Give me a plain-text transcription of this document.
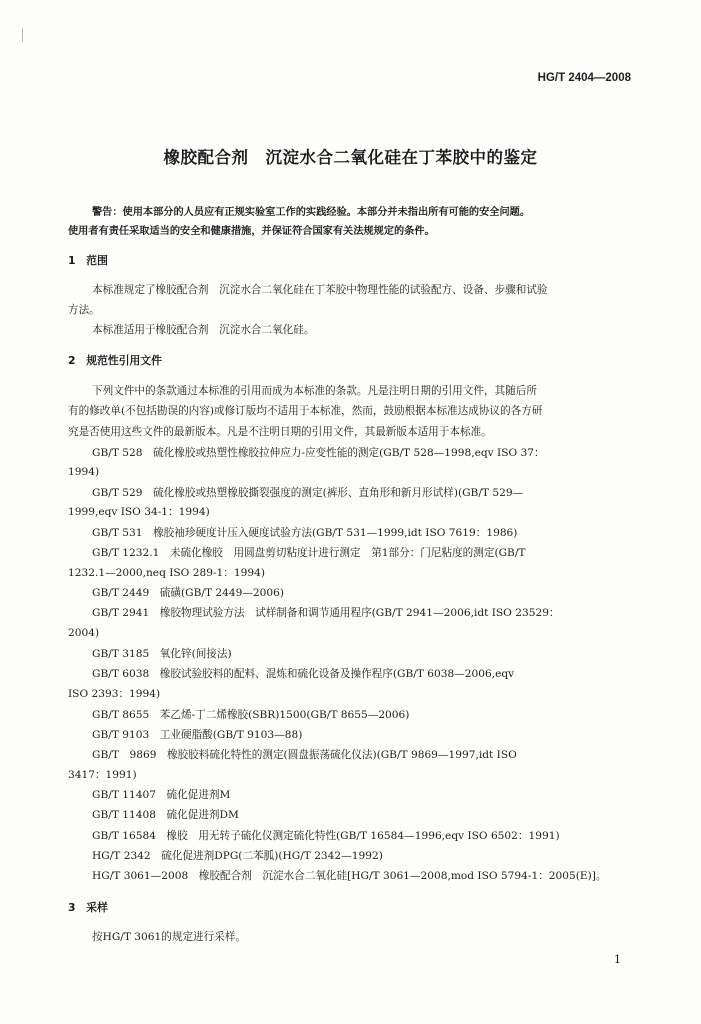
HG/T 2404—2008
橡胶配合剂　沉淀水合二氧化硅在丁苯胶中的鉴定
警告：使用本部分的人员应有正规实验室工作的实践经验。本部分并未指出所有可能的安全问题。
使用者有责任采取适当的安全和健康措施，并保证符合国家有关法规规定的条件。
1　范围
本标准规定了橡胶配合剂　沉淀水合二氧化硅在丁苯胶中物理性能的试验配方、设备、步骤和试验
方法。
本标准适用于橡胶配合剂　沉淀水合二氧化硅。
2　规范性引用文件
下列文件中的条款通过本标准的引用而成为本标准的条款。凡是注明日期的引用文件，其随后所
有的修改单(不包括勘误的内容)或修订版均不适用于本标准，然而，鼓励根据本标准达成协议的各方研
究是否使用这些文件的最新版本。凡是不注明日期的引用文件，其最新版本适用于本标准。
GB/T 528　硫化橡胶或热塑性橡胶拉伸应力-应变性能的测定(GB/T 528—1998,eqv ISO 37：
1994)
GB/T 529　硫化橡胶或热塑橡胶撕裂强度的测定(裤形、直角形和新月形试样)(GB/T 529—
1999,eqv ISO 34-1：1994)
GB/T 531　橡胶袖珍硬度计压入硬度试验方法(GB/T 531—1999,idt ISO 7619：1986)
GB/T 1232.1　未硫化橡胶　用圆盘剪切粘度计进行测定　第1部分：门尼粘度的测定(GB/T
1232.1—2000,neq ISO 289-1：1994)
GB/T 2449　硫磺(GB/T 2449—2006)
GB/T 2941　橡胶物理试验方法　试样制备和调节通用程序(GB/T 2941—2006,idt ISO 23529：
2004)
GB/T 3185　氧化锌(间接法)
GB/T 6038　橡胶试验胶料的配料、混炼和硫化设备及操作程序(GB/T 6038—2006,eqv
ISO 2393：1994)
GB/T 8655　苯乙烯-丁二烯橡胶(SBR)1500(GB/T 8655—2006)
GB/T 9103　工业硬脂酸(GB/T 9103—88)
GB/T　9869　橡胶胶料硫化特性的测定(圆盘振荡硫化仪法)(GB/T 9869—1997,idt ISO
3417：1991)
GB/T 11407　硫化促进剂M
GB/T 11408　硫化促进剂DM
GB/T 16584　橡胶　用无转子硫化仪测定硫化特性(GB/T 16584—1996,eqv ISO 6502：1991)
HG/T 2342　硫化促进剂DPG(二苯胍)(HG/T 2342—1992)
HG/T 3061—2008　橡胶配合剂　沉淀水合二氧化硅[HG/T 3061—2008,mod ISO 5794-1：2005(E)]。
3　采样
按HG/T 3061的规定进行采样。
1
